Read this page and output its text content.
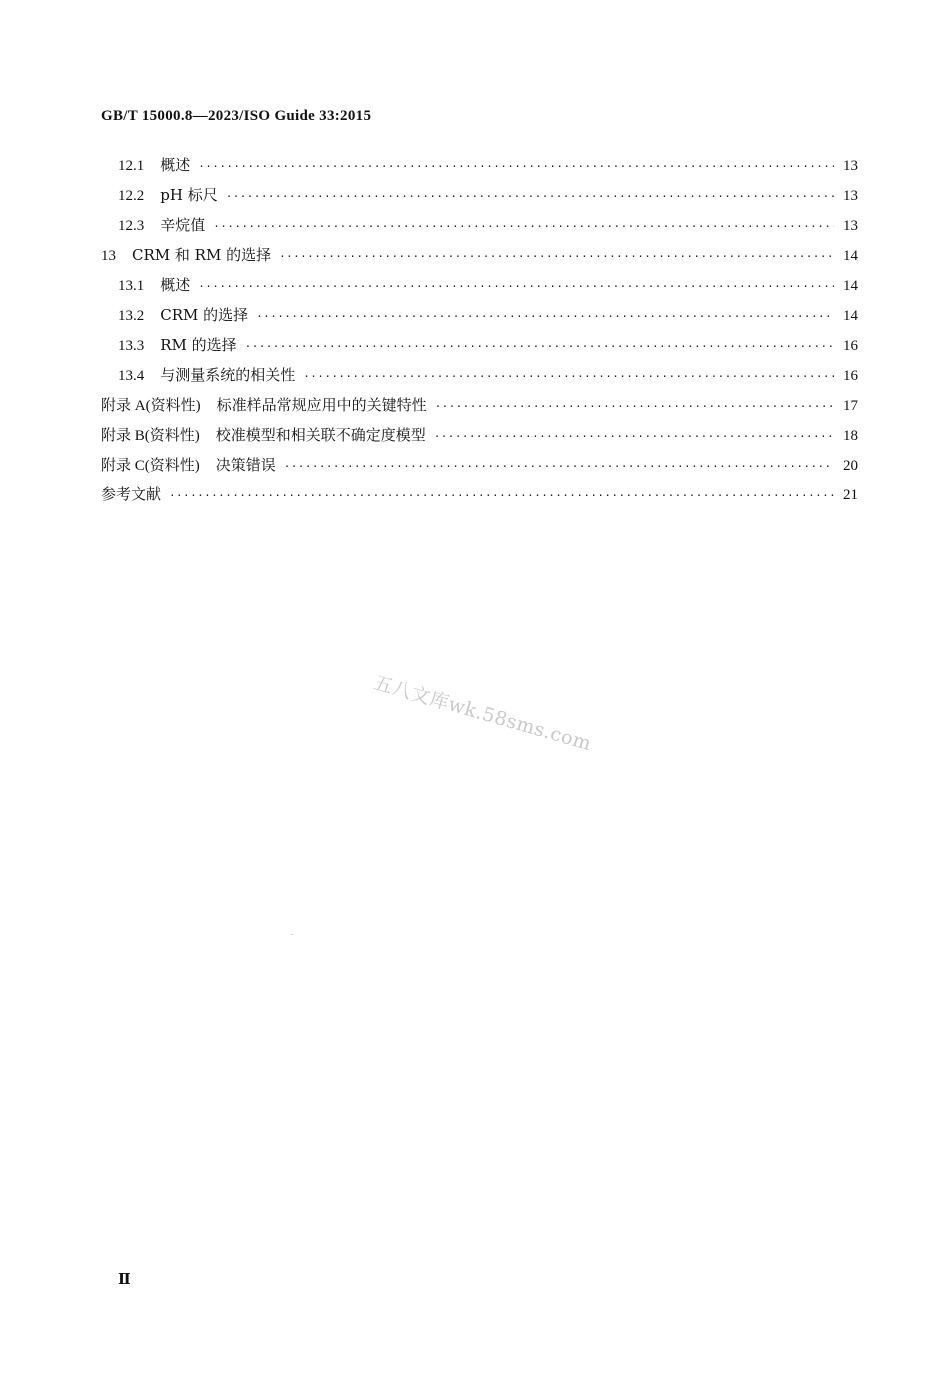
GB/T 15000.8—2023/ISO Guide 33:2015
12.1 概述 ·····	13
12.2 pH 标尺 ·····	13
12.3 辛烷值 ·····	13
13 CRM 和 RM 的选择 ·····	14
13.1 概述 ·····	14
13.2 CRM 的选择 ·····	14
13.3 RM 的选择 ·····	16
13.4 与测量系统的相关性 ·····	16
附录 A(资料性) 标准样品常规应用中的关键特性 ·····	17
附录 B(资料性) 校准模型和相关联不确定度模型 ·····	18
附录 C(资料性) 决策错误 ·····	20
参考文献 ·····	21
五八文库wk.58sms.com
Ⅱ
